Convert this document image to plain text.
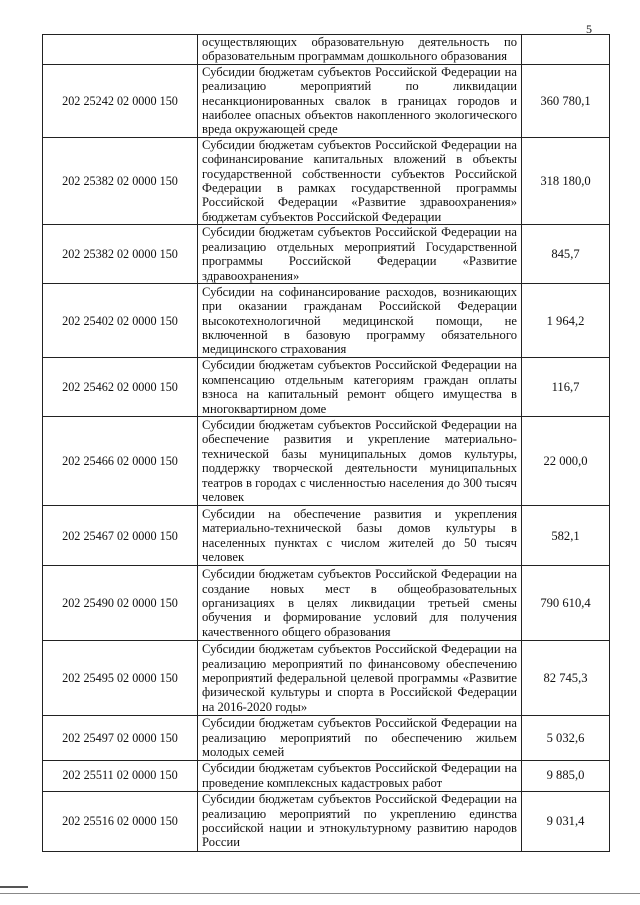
5
	осуществляющих образовательную деятельность по образовательным программам дошкольного образования	
202 25242 02 0000 150	Субсидии бюджетам субъектов Российской Федерации на реализацию мероприятий по ликвидации несанкционированных свалок в границах городов и наиболее опасных объектов накопленного экологического вреда окружающей среде	360 780,1
202 25382 02 0000 150	Субсидии бюджетам субъектов Российской Федерации на софинансирование капитальных вложений в объекты государственной собственности субъектов Российской Федерации в рамках государственной программы Российской Федерации «Развитие здравоохранения» бюджетам субъектов Российской Федерации	318 180,0
202 25382 02 0000 150	Субсидии бюджетам субъектов Российской Федерации на реализацию отдельных мероприятий Государственной программы Российской Федерации «Развитие здравоохранения»	845,7
202 25402 02 0000 150	Субсидии на софинансирование расходов, возникающих при оказании гражданам Российской Федерации высокотехнологичной медицинской помощи, не включенной в базовую программу обязательного медицинского страхования	1 964,2
202 25462 02 0000 150	Субсидии бюджетам субъектов Российской Федерации на компенсацию отдельным категориям граждан оплаты взноса на капитальный ремонт общего имущества в многоквартирном доме	116,7
202 25466 02 0000 150	Субсидии бюджетам субъектов Российской Федерации на обеспечение развития и укрепление материально-технической базы муниципальных домов культуры, поддержку творческой деятельности муниципальных театров в городах с численностью населения до 300 тысяч человек	22 000,0
202 25467 02 0000 150	Субсидии на обеспечение развития и укрепления материально-технической базы домов культуры в населенных пунктах с числом жителей до 50 тысяч человек	582,1
202 25490 02 0000 150	Субсидии бюджетам субъектов Российской Федерации на создание новых мест в общеобразовательных организациях в целях ликвидации третьей смены обучения и формирование условий для получения качественного общего образования	790 610,4
202 25495 02 0000 150	Субсидии бюджетам субъектов Российской Федерации на реализацию мероприятий по финансовому обеспечению мероприятий федеральной целевой программы «Развитие физической культуры и спорта в Российской Федерации на 2016-2020 годы»	82 745,3
202 25497 02 0000 150	Субсидии бюджетам субъектов Российской Федерации на реализацию мероприятий по обеспечению жильем молодых семей	5 032,6
202 25511 02 0000 150	Субсидии бюджетам субъектов Российской Федерации на проведение комплексных кадастровых работ	9 885,0
202 25516 02 0000 150	Субсидии бюджетам субъектов Российской Федерации на реализацию мероприятий по укреплению единства российской нации и этнокультурному развитию народов России	9 031,4
